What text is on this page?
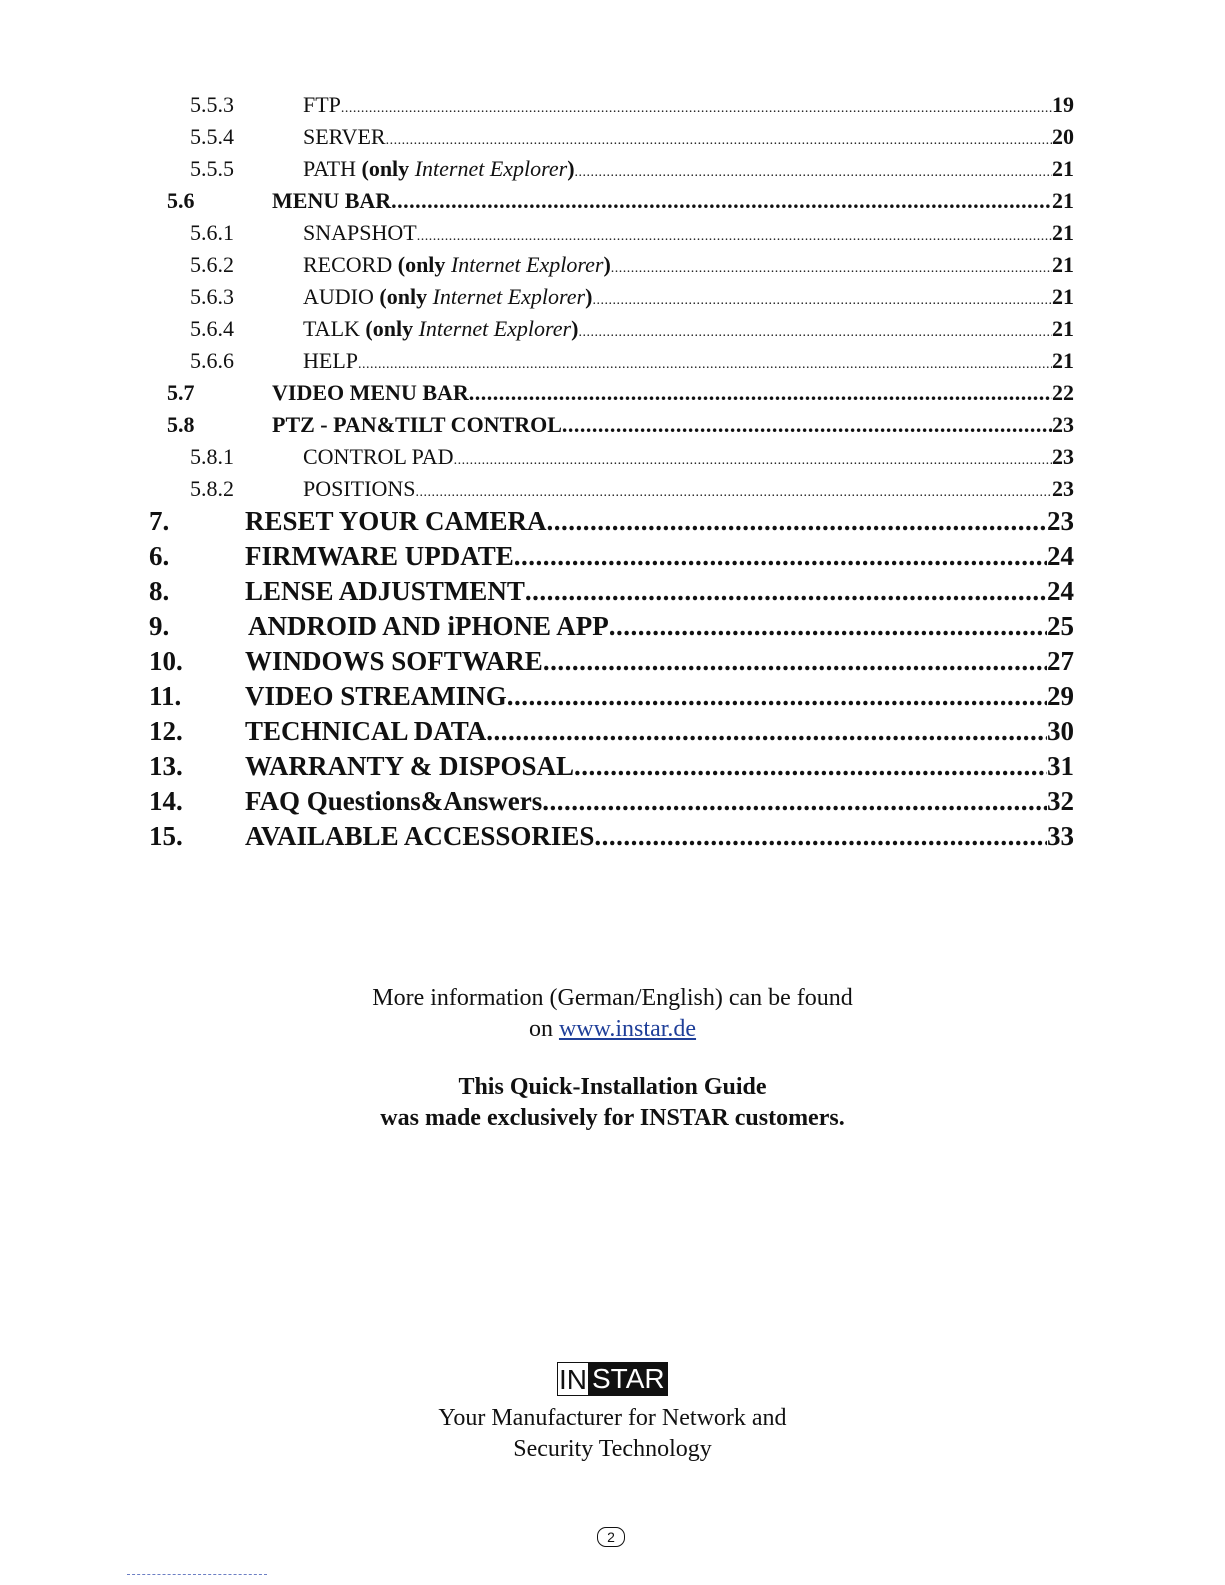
5.5.3	FTP .....	19
5.5.4	SERVER .....	20
5.5.5	PATH (only Internet Explorer) .....	21
5.6	MENU BAR .....	21
5.6.1	SNAPSHOT .....	21
5.6.2	RECORD (only Internet Explorer) .....	21
5.6.3	AUDIO (only Internet Explorer) .....	21
5.6.4	TALK (only Internet Explorer) .....	21
5.6.6	HELP .....	21
5.7	VIDEO MENU BAR .....	22
5.8	PTZ - PAN&TILT CONTROL .....	23
5.8.1	CONTROL PAD .....	23
5.8.2	POSITIONS .....	23
7.	RESET YOUR CAMERA .....	23
6.	FIRMWARE UPDATE .....	24
8.	LENSE ADJUSTMENT .....	24
9.	ANDROID AND iPHONE APP .....	25
10. WINDOWS SOFTWARE .....	27
11. VIDEO STREAMING .....	29
12. TECHNICAL DATA .....	30
13. WARRANTY & DISPOSAL .....	31
14. FAQ Questions&Answers .....	32
15. AVAILABLE ACCESSORIES .....	33
More information (German/English) can be found
on www.instar.de
This Quick-Installation Guide
was made exclusively for INSTAR customers.
IN STAR
Your Manufacturer for Network and
Security Technology
2
